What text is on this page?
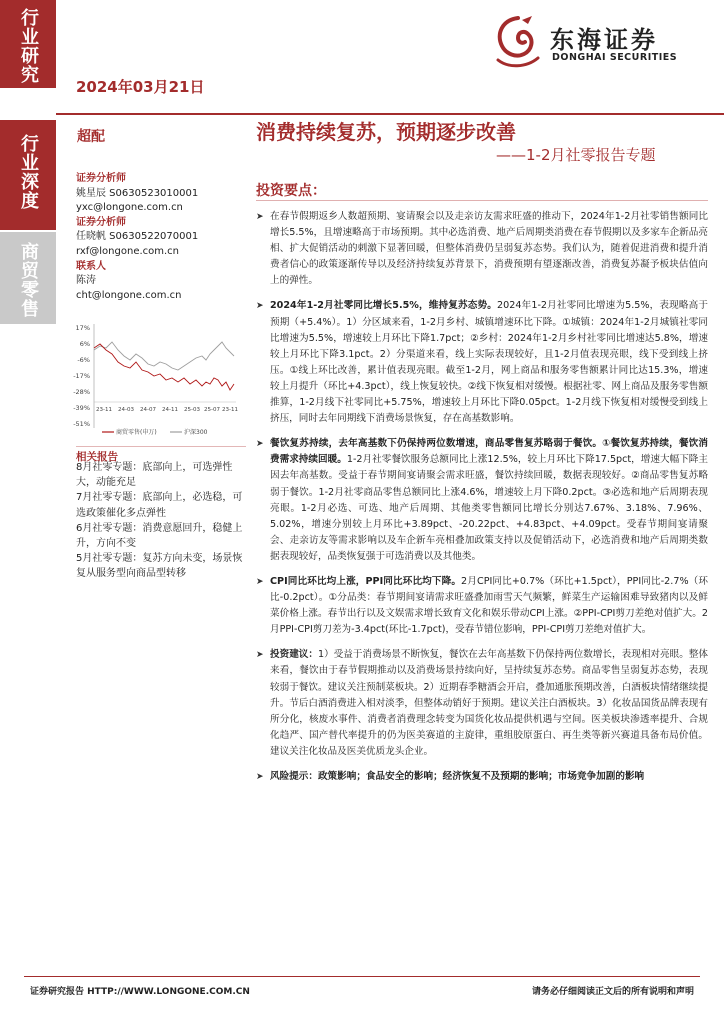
行业研究
行业深度
商贸零售
2024年03月21日
东海证券
DONGHAI SECURITIES
超配	消费持续复苏，预期逐步改善
——1-2月社零报告专题
证券分析师
姚星辰 S0630523010001
yxc@longone.com.cn
证券分析师
任晓帆 S0630522070001
rxf@longone.com.cn
联系人
陈涛
cht@longone.com.cn
17%
6%
-6%
-17%
-28%
-39%
-51%
23-11 24-03 24-07 24-11 25-03 25-07 23-11
商贸零售(申万)	沪深300
相关报告
8月社零专题：底部向上，可选弹性大，动能充足
7月社零专题：底部向上，必选稳，可选政策催化多点弹性
6月社零专题：消费意愿回升，稳健上升，方向不变
5月社零专题：复苏方向未变，场景恢复从服务型向商品型转移
投资要点：
➤ 在春节假期返乡人数超预期、宴请聚会以及走亲访友需求旺盛的推动下，2024年1-2月社零销售额同比增长5.5%，且增速略高于市场预期。其中必选消费、地产后周期类消费在春节假期以及多家车企新品亮相、扩大促销活动的刺激下显著回暖，但整体消费仍呈弱复苏态势。我们认为，随着促进消费和提升消费者信心的政策逐渐传导以及经济持续复苏背景下，消费预期有望逐渐改善，消费复苏凝予板块估值向上的弹性。
➤ 2024年1-2月社零同比增长5.5%，维持复苏态势。2024年1-2月社零同比增速为5.5%，表现略高于预期（+5.4%）。1）分区域来看，1-2月乡村、城镇增速环比下降。①城镇：2024年1-2月城镇社零同比增速为5.5%，增速较上月环比下降1.7pct；②乡村：2024年1-2月乡村社零同比增速达5.8%，增速较上月环比下降3.1pct。2）分渠道来看，线上实际表现较好，且1-2月值表现亮眼，线下受到线上挤压。①线上环比改善，累计值表现亮眼。截至1-2月，网上商品和服务零售额累计同比达15.3%，增速较上月提升（环比+4.3pct），线上恢复较快。②线下恢复相对缓慢。根据社零、网上商品及服务零售额推算，1-2月线下社零同比+5.75%，增速较上月环比下降0.05pct。1-2月线下恢复相对缓慢受到线上挤压，同时去年同期线下消费场景恢复，存在高基数影响。
➤ 餐饮复苏持续，去年高基数下仍保持两位数增速，商品零售复苏略弱于餐饮。①餐饮复苏持续，餐饮消费需求持续回暖。1-2月社零餐饮服务总额同比上涨12.5%，较上月环比下降17.5pct，增速大幅下降主因去年高基数。受益于春节期间宴请聚会需求旺盛，餐饮持续回暖，数据表现较好。②商品零售复苏略弱于餐饮。1-2月社零商品零售总额同比上涨4.6%，增速较上月下降0.2pct。③必选和地产后周期表现亮眼。1-2月必选、可选、地产后周期、其他类零售额同比增长分别达7.67%、3.18%、7.96%、5.02%，增速分别较上月环比+3.89pct、-20.22pct、+4.83pct、+4.09pct。受春节期间宴请聚会、走亲访友等需求影响以及车企新车亮相叠加政策支持以及促销活动下，必选消费和地产后周期类数据表现较好，品类恢复强于可选消费以及其他类。
➤ CPI同比环比均上涨，PPI同比环比均下降。2月CPI同比+0.7%（环比+1.5pct），PPI同比-2.7%（环比-0.2pct）。①分品类：春节期间宴请需求旺盛叠加雨雪天气频繁，鲜菜生产运输困难导致猪肉以及鲜菜价格上涨。春节出行以及文娱需求增长致育文化和娱乐带动CPI上涨。②PPI-CPI剪刀差绝对值扩大。2月PPI-CPI剪刀差为-3.4pct(环比-1.7pct)，受春节错位影响，PPI-CPI剪刀差绝对值扩大。
➤ 投资建议：1）受益于消费场景不断恢复，餐饮在去年高基数下仍保持两位数增长，表现相对亮眼。整体来看，餐饮由于春节假期推动以及消费场景持续向好，呈持续复苏态势。商品零售呈弱复苏态势，表现较弱于餐饮。建议关注预制菜板块。2）近期春季糖酒会开启，叠加通胀预期改善，白酒板块情绪继续提升。节后白酒消费进入相对淡季，但整体动销好于预期。建议关注白酒板块。3）化妆品国货品牌表现有所分化，核废水事件、消费者消费理念转变为国货化妆品提供机遇与空间。医美板块渗透率提升、合规化趋严、国产替代率提升的仍为医美赛道的主旋律，重组胶原蛋白、再生类等新兴赛道具备布局价值。建议关注化妆品及医美优质龙头企业。
➤ 风险提示：政策影响；食品安全的影响；经济恢复不及预期的影响；市场竞争加剧的影响
证券研究报告 HTTP://WWW.LONGONE.COM.CN	请务必仔细阅读正文后的所有说明和声明
